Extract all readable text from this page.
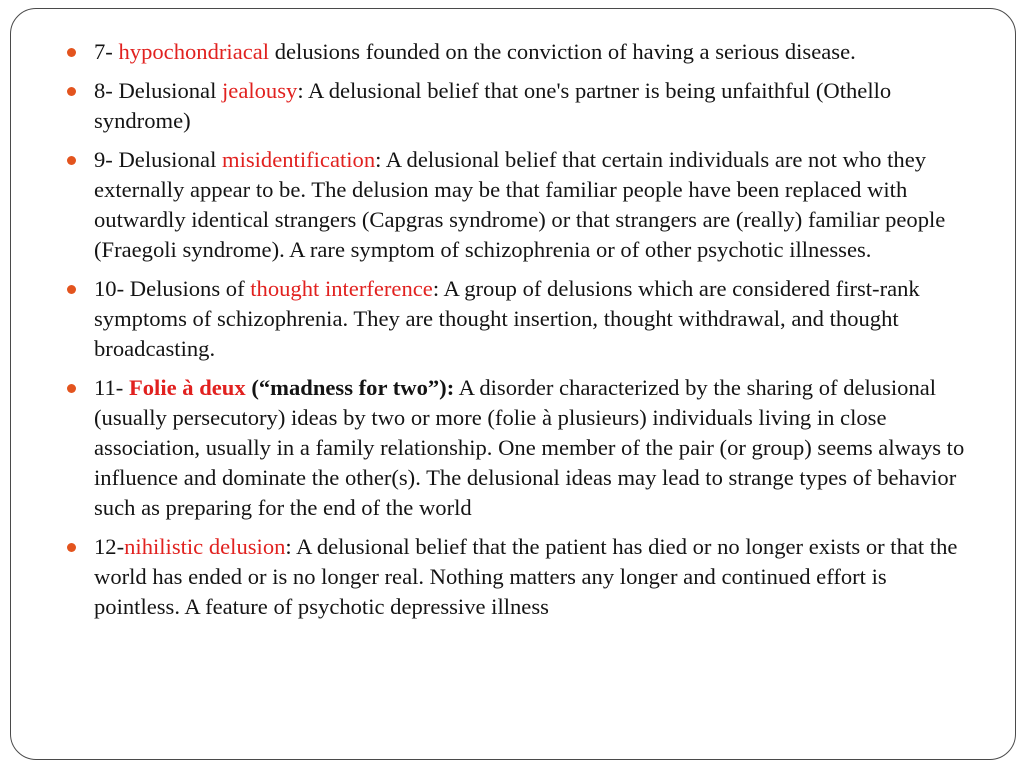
7- hypochondriacal delusions founded on the conviction of having a serious disease.
8- Delusional jealousy: A delusional belief that one's partner is being unfaithful (Othello syndrome)
9- Delusional misidentification: A delusional belief that certain individuals are not who they externally appear to be. The delusion may be that familiar people have been replaced with outwardly identical strangers (Capgras syndrome) or that strangers are (really) familiar people (Fraegoli syndrome). A rare symptom of schizophrenia or of other psychotic illnesses.
10- Delusions of thought interference: A group of delusions which are considered first-rank symptoms of schizophrenia. They are thought insertion, thought withdrawal, and thought broadcasting.
11- Folie à deux (“madness for two”): A disorder characterized by the sharing of delusional (usually persecutory) ideas by two or more (folie à plusieurs) individuals living in close association, usually in a family relationship. One member of the pair (or group) seems always to influence and dominate the other(s). The delusional ideas may lead to strange types of behavior such as preparing for the end of the world
12-nihilistic delusion: A delusional belief that the patient has died or no longer exists or that the world has ended or is no longer real. Nothing matters any longer and continued effort is pointless. A feature of psychotic depressive illness
